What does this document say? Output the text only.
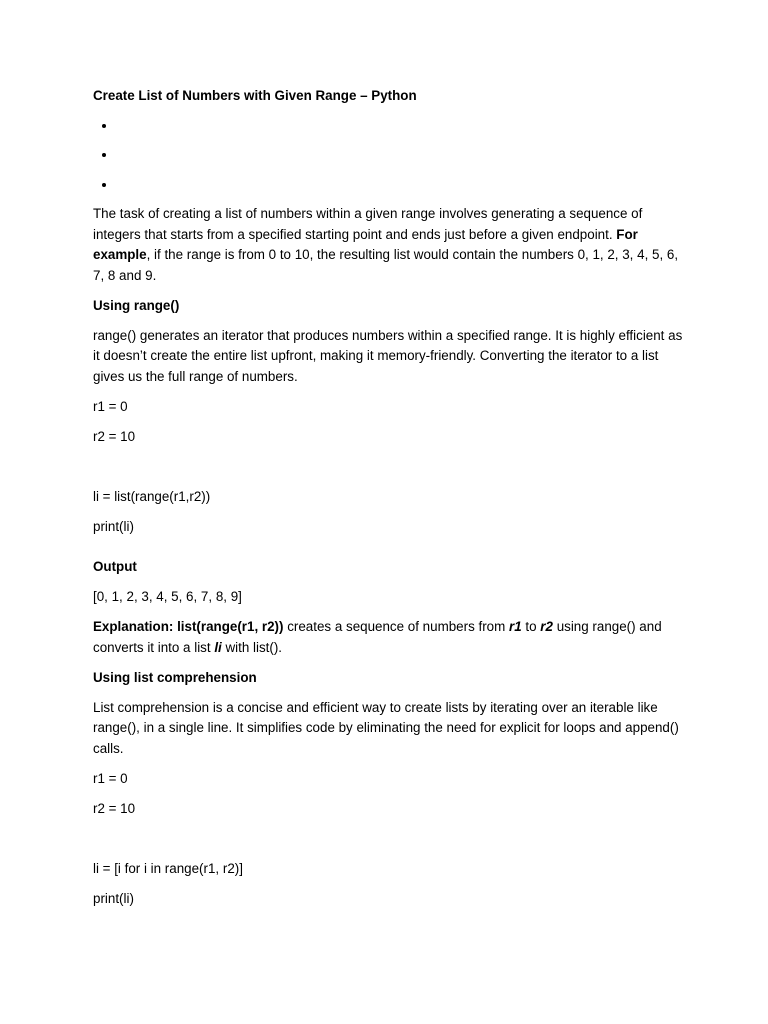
Create List of Numbers with Given Range – Python
•
•
•

The task of creating a list of numbers within a given range involves generating a sequence of integers that starts from a specified starting point and ends just before a given endpoint. For example, if the range is from 0 to 10, the resulting list would contain the numbers 0, 1, 2, 3, 4, 5, 6, 7, 8 and 9.

Using range()

range() generates an iterator that produces numbers within a specified range. It is highly efficient as it doesn’t create the entire list upfront, making it memory-friendly. Converting the iterator to a list gives us the full range of numbers.

r1 = 0
r2 = 10
li = list(range(r1,r2))
print(li)
Output

[0, 1, 2, 3, 4, 5, 6, 7, 8, 9]

Explanation: list(range(r1, r2)) creates a sequence of numbers from r1 to r2 using range() and converts it into a list li with list().

Using list comprehension

List comprehension is a concise and efficient way to create lists by iterating over an iterable like range(), in a single line. It simplifies code by eliminating the need for explicit for loops and append() calls.

r1 = 0
r2 = 10
li = [i for i in range(r1, r2)]
print(li)
